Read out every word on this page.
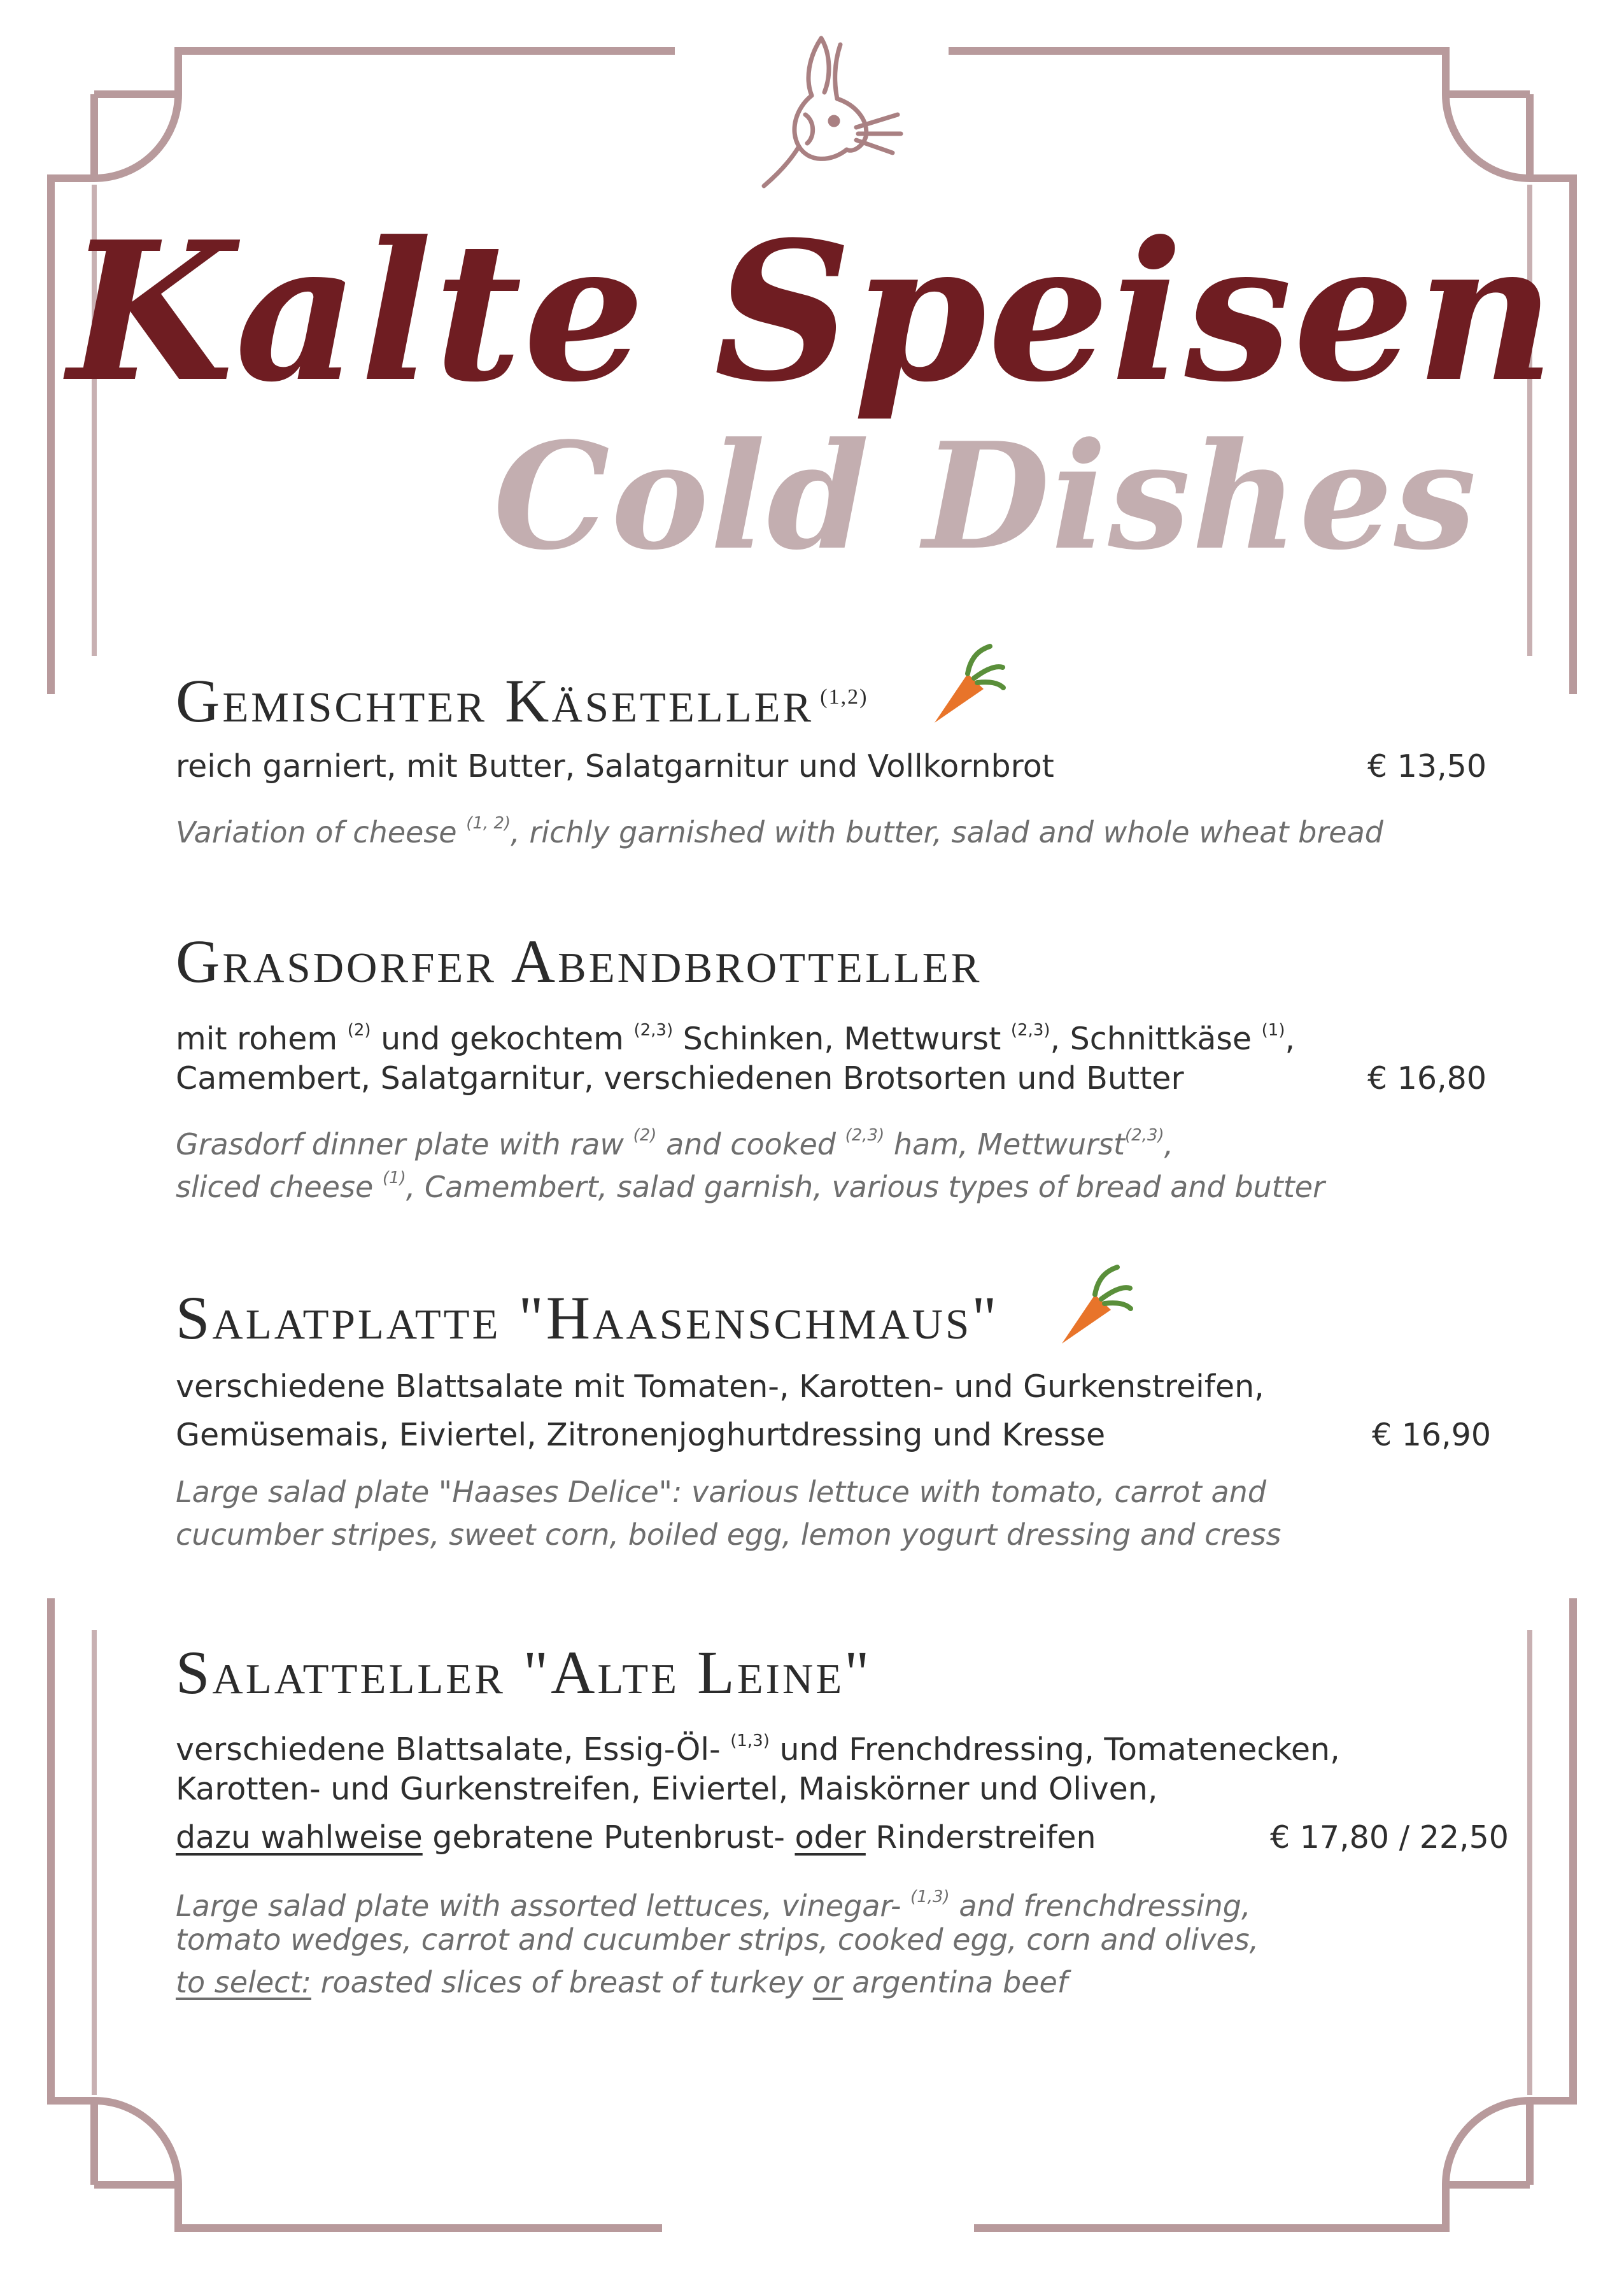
Kalte Speisen
Cold Dishes
Gemischter Käseteller $^{(1,2)}$
reich garniert, mit Butter, Salatgarnitur und Vollkornbrot	€ 13,50
Variation of cheese $^{(1, 2)}$, richly garnished with butter, salad and whole wheat bread
Grasdorfer Abendbrotteller
mit rohem $^{(2)}$ und gekochtem $^{(2,3)}$ Schinken, Mettwurst $^{(2,3)}$, Schnittkäse $^{(1)}$,
Camembert, Salatgarnitur, verschiedenen Brotsorten und Butter	€ 16,80
Grasdorf dinner plate with raw $^{(2)}$ and cooked $^{(2,3)}$ ham, Mettwurst$^{(2,3)}$,
sliced cheese $^{(1)}$, Camembert, salad garnish, various types of bread and butter
Salatplatte "Haasenschmaus"
verschiedene Blattsalate mit Tomaten-, Karotten- und Gurkenstreifen,
Gemüsemais, Eiviertel, Zitronenjoghurtdressing und Kresse	€ 16,90
Large salad plate "Haases Delice": various lettuce with tomato, carrot and
cucumber stripes, sweet corn, boiled egg, lemon yogurt dressing and cress
Salatteller "Alte Leine"
verschiedene Blattsalate, Essig-Öl- $^{(1,3)}$ und Frenchdressing, Tomatenecken,
Karotten- und Gurkenstreifen, Eiviertel, Maiskörner und Oliven,
dazu wahlweise gebratene Putenbrust- oder Rinderstreifen	€ 17,80 / 22,50
Large salad plate with assorted lettuces, vinegar- $^{(1,3)}$ and frenchdressing,
tomato wedges, carrot and cucumber strips, cooked egg, corn and olives,
to select: roasted slices of breast of turkey or argentina beef
